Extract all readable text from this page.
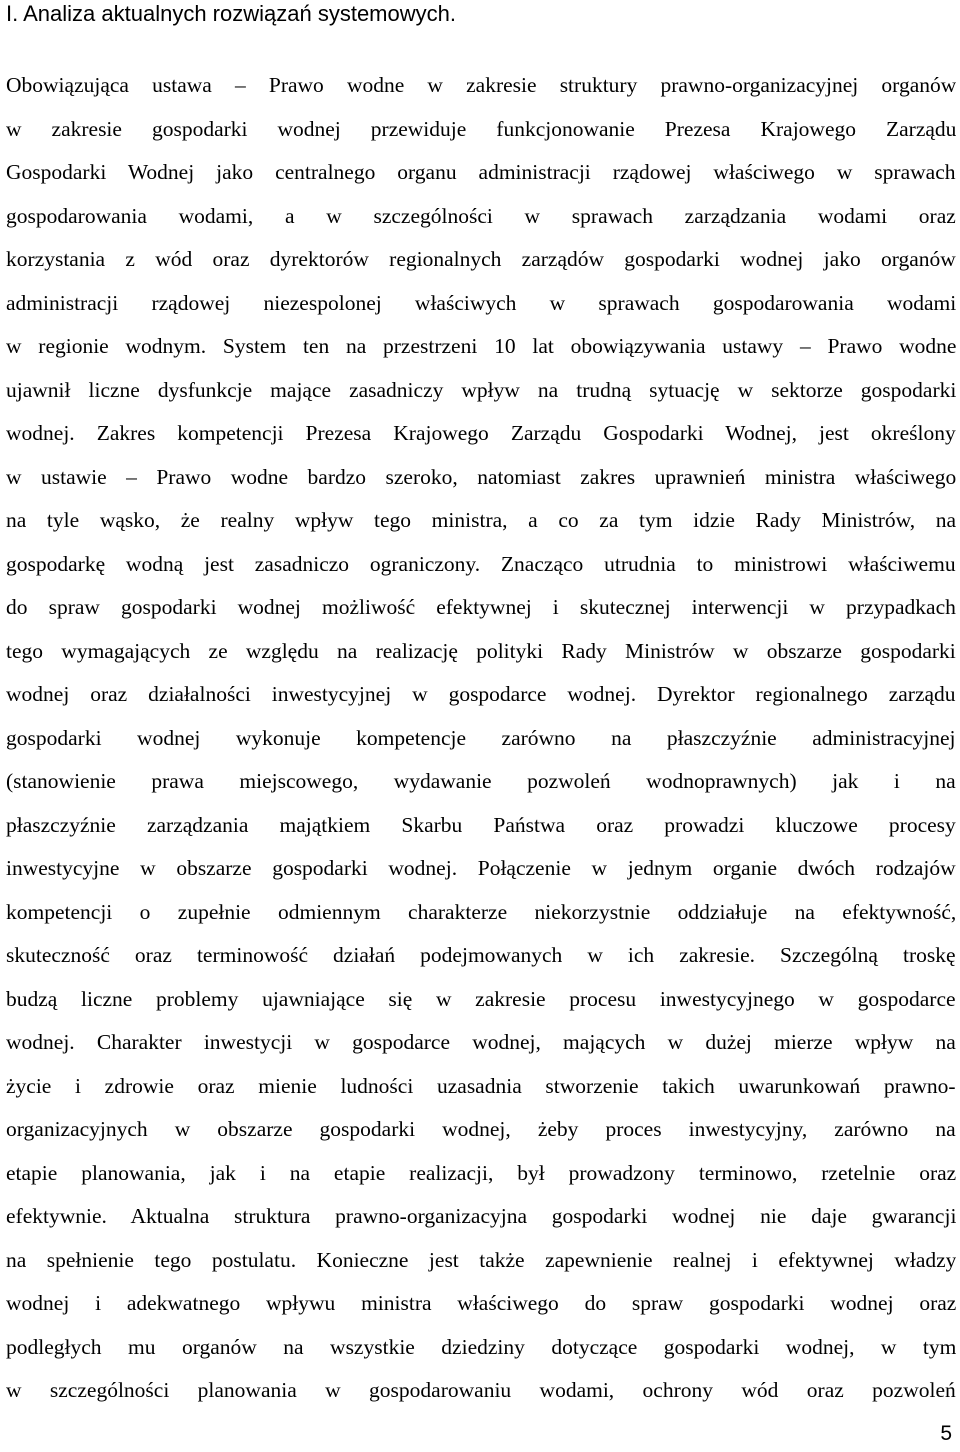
I. Analiza aktualnych rozwiązań systemowych.
Obowiązująca ustawa – Prawo wodne w zakresie struktury prawno-organizacyjnej organów
w zakresie gospodarki wodnej przewiduje funkcjonowanie Prezesa Krajowego Zarządu
Gospodarki Wodnej jako centralnego organu administracji rządowej właściwego w sprawach
gospodarowania wodami, a w szczególności w sprawach zarządzania wodami oraz
korzystania z wód oraz dyrektorów regionalnych zarządów gospodarki wodnej jako organów
administracji rządowej niezespolonej właściwych w sprawach gospodarowania wodami
w regionie wodnym. System ten na przestrzeni 10 lat obowiązywania ustawy – Prawo wodne
ujawnił liczne dysfunkcje mające zasadniczy wpływ na trudną sytuację w sektorze gospodarki
wodnej. Zakres kompetencji Prezesa Krajowego Zarządu Gospodarki Wodnej, jest określony
w ustawie – Prawo wodne bardzo szeroko, natomiast zakres uprawnień ministra właściwego
na tyle wąsko, że realny wpływ tego ministra, a co za tym idzie Rady Ministrów, na
gospodarkę wodną jest zasadniczo ograniczony. Znacząco utrudnia to ministrowi właściwemu
do spraw gospodarki wodnej możliwość efektywnej i skutecznej interwencji w przypadkach
tego wymagających ze względu na realizację polityki Rady Ministrów w obszarze gospodarki
wodnej oraz działalności inwestycyjnej w gospodarce wodnej. Dyrektor regionalnego zarządu
gospodarki wodnej wykonuje kompetencje zarówno na płaszczyźnie administracyjnej
(stanowienie prawa miejscowego, wydawanie pozwoleń wodnoprawnych) jak i na
płaszczyźnie zarządzania majątkiem Skarbu Państwa oraz prowadzi kluczowe procesy
inwestycyjne w obszarze gospodarki wodnej. Połączenie w jednym organie dwóch rodzajów
kompetencji o zupełnie odmiennym charakterze niekorzystnie oddziałuje na efektywność,
skuteczność oraz terminowość działań podejmowanych w ich zakresie. Szczególną troskę
budzą liczne problemy ujawniające się w zakresie procesu inwestycyjnego w gospodarce
wodnej. Charakter inwestycji w gospodarce wodnej, mających w dużej mierze wpływ na
życie i zdrowie oraz mienie ludności uzasadnia stworzenie takich uwarunkowań prawno-
organizacyjnych w obszarze gospodarki wodnej, żeby proces inwestycyjny, zarówno na
etapie planowania, jak i na etapie realizacji, był prowadzony terminowo, rzetelnie oraz
efektywnie. Aktualna struktura prawno-organizacyjna gospodarki wodnej nie daje gwarancji
na spełnienie tego postulatu. Konieczne jest także zapewnienie realnej i efektywnej władzy
wodnej i adekwatnego wpływu ministra właściwego do spraw gospodarki wodnej oraz
podległych mu organów na wszystkie dziedziny dotyczące gospodarki wodnej, w tym
w szczególności planowania w gospodarowaniu wodami, ochrony wód oraz pozwoleń
5
